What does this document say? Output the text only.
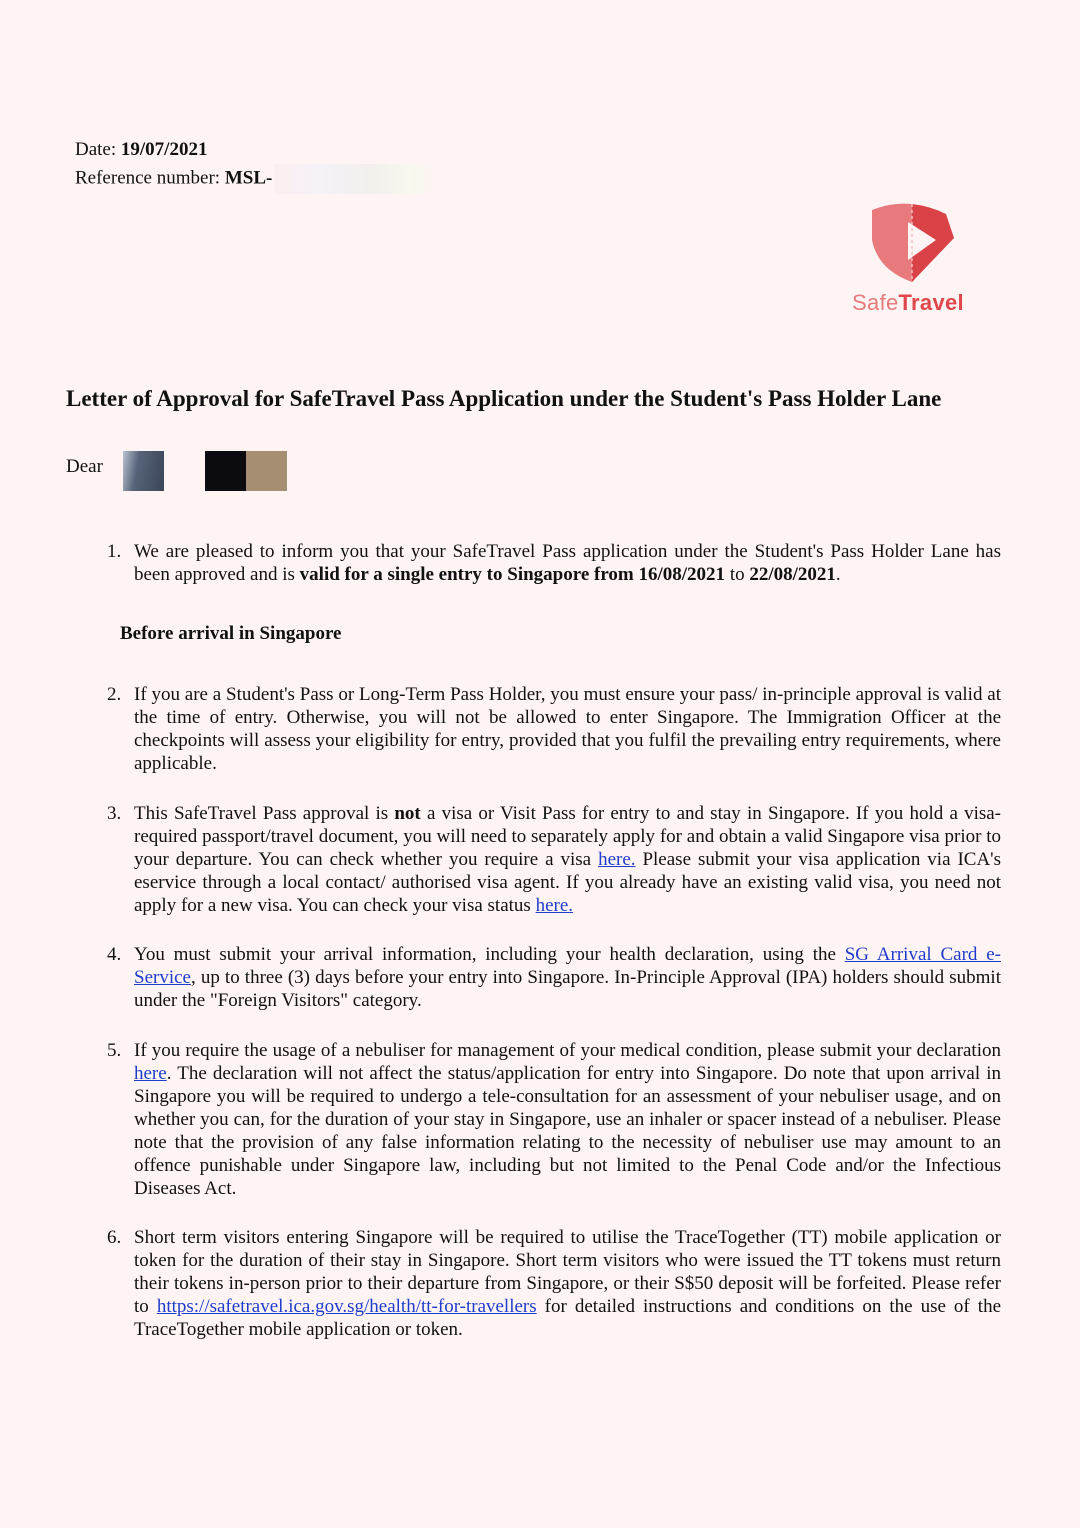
Date: 19/07/2021
Reference number: MSL-
SafeTravel
Letter of Approval for SafeTravel Pass Application under the Student's Pass Holder Lane
Dear
1. We are pleased to inform you that your SafeTravel Pass application under the Student's Pass Holder Lane has been approved and is valid for a single entry to Singapore from 16/08/2021 to 22/08/2021.
Before arrival in Singapore
2. If you are a Student's Pass or Long-Term Pass Holder, you must ensure your pass/ in-principle approval is valid at the time of entry. Otherwise, you will not be allowed to enter Singapore. The Immigration Officer at the checkpoints will assess your eligibility for entry, provided that you fulfil the prevailing entry requirements, where applicable.
3. This SafeTravel Pass approval is not a visa or Visit Pass for entry to and stay in Singapore. If you hold a visa-required passport/travel document, you will need to separately apply for and obtain a valid Singapore visa prior to your departure. You can check whether you require a visa here. Please submit your visa application via ICA's eservice through a local contact/ authorised visa agent. If you already have an existing valid visa, you need not apply for a new visa. You can check your visa status here.
4. You must submit your arrival information, including your health declaration, using the SG Arrival Card e-Service, up to three (3) days before your entry into Singapore. In-Principle Approval (IPA) holders should submit under the "Foreign Visitors" category.
5. If you require the usage of a nebuliser for management of your medical condition, please submit your declaration here. The declaration will not affect the status/application for entry into Singapore. Do note that upon arrival in Singapore you will be required to undergo a tele-consultation for an assessment of your nebuliser usage, and on whether you can, for the duration of your stay in Singapore, use an inhaler or spacer instead of a nebuliser. Please note that the provision of any false information relating to the necessity of nebuliser use may amount to an offence punishable under Singapore law, including but not limited to the Penal Code and/or the Infectious Diseases Act.
6. Short term visitors entering Singapore will be required to utilise the TraceTogether (TT) mobile application or token for the duration of their stay in Singapore. Short term visitors who were issued the TT tokens must return their tokens in-person prior to their departure from Singapore, or their S$50 deposit will be forfeited. Please refer to https://safetravel.ica.gov.sg/health/tt-for-travellers for detailed instructions and conditions on the use of the TraceTogether mobile application or token.
